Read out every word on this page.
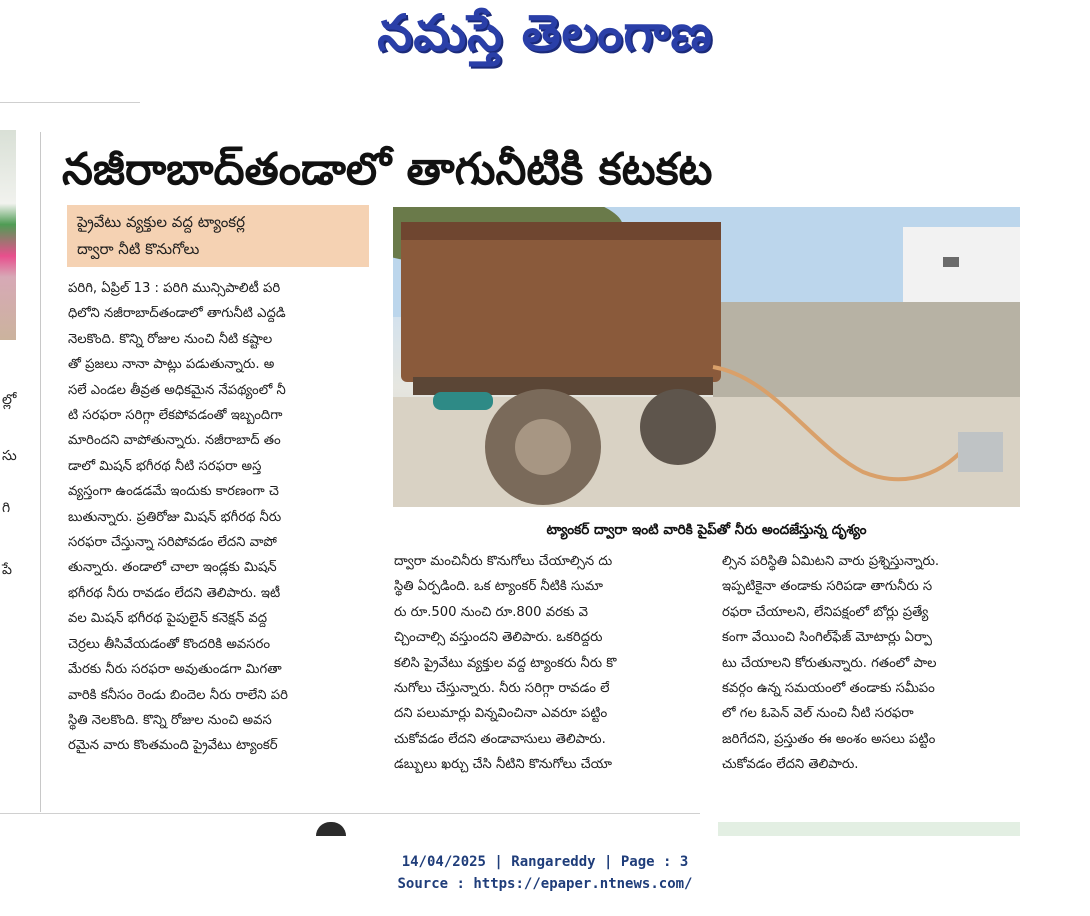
నమస్తే తెలంగాణ
ల్లో
సు
గి
పే
నజీరాబాద్‌తండాలో తాగునీటికి కటకట
ప్రైవేటు వ్యక్తుల వద్ద ట్యాంకర్ల
ద్వారా నీటి కొనుగోలు

పరిగి, ఏప్రిల్ 13 : పరిగి మున్సిపాలిటీ పరి

ధిలోని నజీరాబాద్‌తండాలో తాగునీటి ఎద్దడి

నెలకొంది. కొన్ని రోజుల నుంచి నీటి కష్టాల

తో ప్రజలు నానా పాట్లు పడుతున్నారు. అ

సలే ఎండల తీవ్రత అధికమైన నేపథ్యంలో నీ

టి సరఫరా సరిగ్గా లేకపోవడంతో ఇబ్బందిగా

మారిందని వాపోతున్నారు. నజీరాబాద్ తం

డాలో మిషన్ భగీరథ నీటి సరఫరా అస్త

వ్యస్తంగా ఉండడమే ఇందుకు కారణంగా చె

బుతున్నారు. ప్రతిరోజు మిషన్ భగీరథ నీరు

సరఫరా చేస్తున్నా సరిపోవడం లేదని వాపో

తున్నారు. తండాలో చాలా ఇండ్లకు మిషన్

భగీరథ నీరు రావడం లేదని తెలిపారు. ఇటీ

వల మిషన్ భగీరథ పైపులైన్ కనెక్షన్ వద్ద

చెర్రలు తీసివేయడంతో కొందరికి అవసరం

మేరకు నీరు సరఫరా అవుతుండగా మిగతా

వారికి కనీసం రెండు బిందెల నీరు రాలేని పరి

స్థితి నెలకొంది. కొన్ని రోజుల నుంచి అవస

రమైన వారు కొంతమంది ప్రైవేటు ట్యాంకర్

ట్యాంకర్ ద్వారా ఇంటి వారికి పైప్‌తో నీరు అందజేస్తున్న దృశ్యం

ద్వారా మంచినీరు కొనుగోలు చేయాల్సిన దు

స్థితి ఏర్పడింది. ఒక ట్యాంకర్ నీటికి సుమా

రు రూ.500 నుంచి రూ.800 వరకు వె

చ్చించాల్సి వస్తుందని తెలిపారు. ఒకరిద్దరు

కలిసి ప్రైవేటు వ్యక్తుల వద్ద ట్యాంకరు నీరు కొ

నుగోలు చేస్తున్నారు. నీరు సరిగ్గా రావడం లే

దని పలుమార్లు విన్నవించినా ఎవరూ పట్టిం

చుకోవడం లేదని తండావాసులు తెలిపారు.

డబ్బులు ఖర్చు చేసి నీటిని కొనుగోలు చేయా

ల్సిన పరిస్థితి ఏమిటని వారు ప్రశ్నిస్తున్నారు.

ఇప్పటికైనా తండాకు సరిపడా తాగునీరు స

రఫరా చేయాలని, లేనిపక్షంలో బోర్లు ప్రత్యే

కంగా వేయించి సింగిల్‌ఫేజ్ మోటార్లు ఏర్పా

టు చేయాలని కోరుతున్నారు. గతంలో పాల

కవర్గం ఉన్న సమయంలో తండాకు సమీపం

లో గల ఓపెన్ వెల్ నుంచి నీటి సరఫరా

జరిగేదని, ప్రస్తుతం ఈ అంశం అసలు పట్టిం

చుకోవడం లేదని తెలిపారు.

14/04/2025 | Rangareddy | Page : 3
Source : https://epaper.ntnews.com/
